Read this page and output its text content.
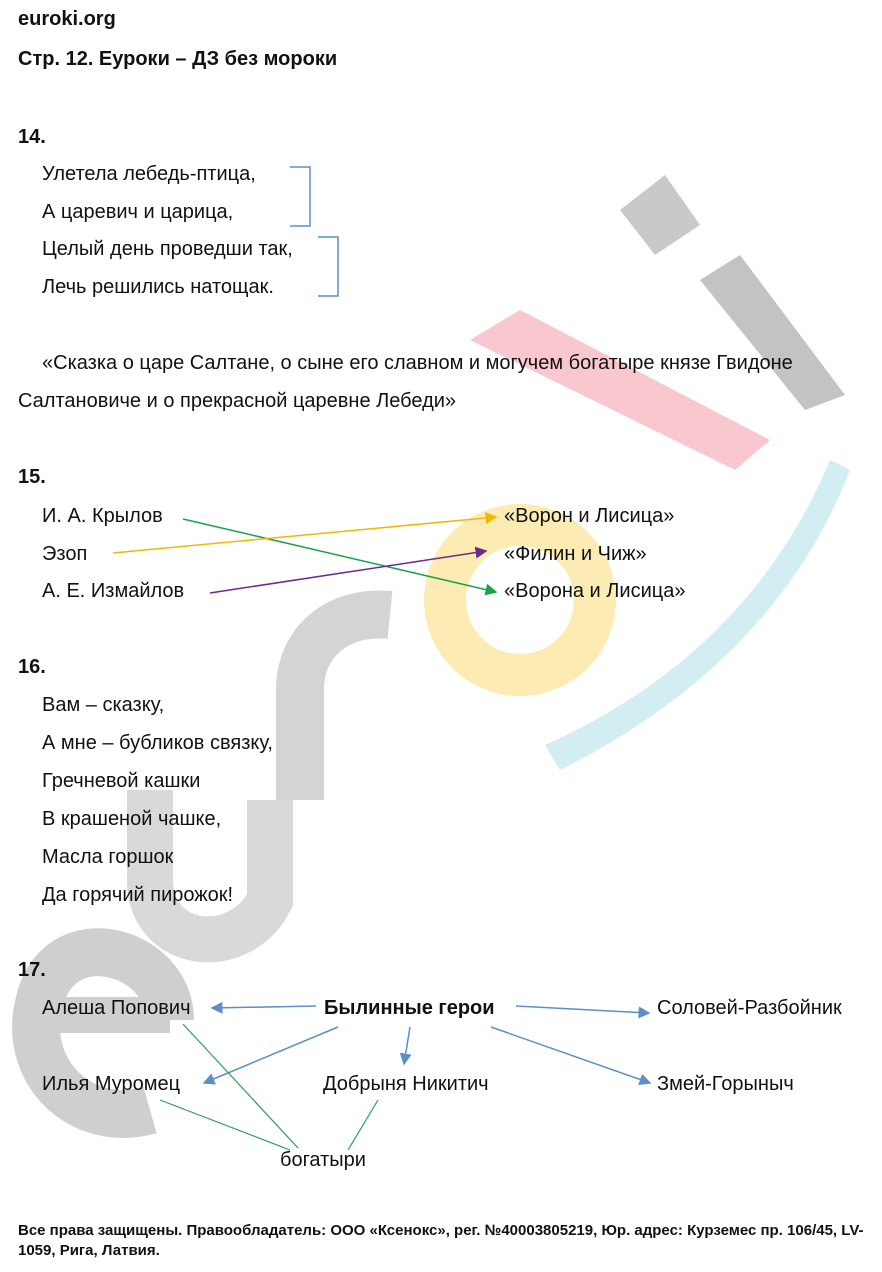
euroki.org
Стр. 12. Еуроки – ДЗ без мороки
14.
Улетела лебедь-птица,
А царевич и царица,
Целый день проведши так,
Лечь решились натощак.
«Сказка о царе Салтане, о сыне его славном и могучем богатыре князе Гвидоне
Салтановиче и о прекрасной царевне Лебеди»
15.
И. А. Крылов
Эзоп
А. Е. Измайлов
«Ворон и Лисица»
«Филин и Чиж»
«Ворона и Лисица»
16.
Вам – сказку,
А мне – бубликов связку,
Гречневой кашки
В крашеной чашке,
Масла горшок
Да горячий пирожок!
17.
Былинные герои
Алеша Попович
Илья Муромец	Добрыня Никитич
Соловей-Разбойник
Змей-Горыныч
богатыри
Все права защищены. Правообладатель: ООО «Ксенокс», рег. №40003805219, Юр. адрес: Курземес пр. 106/45, LV-1059, Рига, Латвия.
